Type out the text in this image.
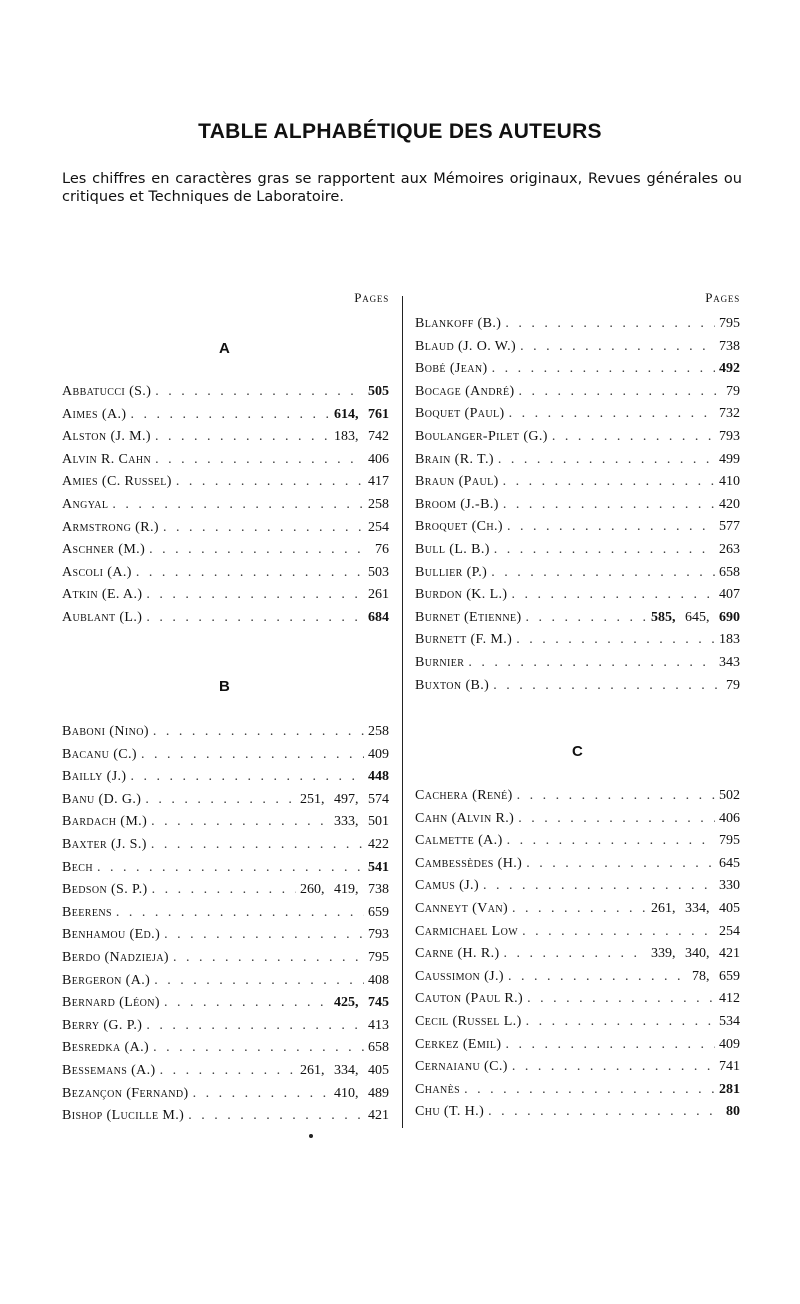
TABLE ALPHABÉTIQUE DES AUTEURS
Les chiffres en caractères gras se rapportent aux Mémoires originaux, Revues générales ou critiques et Techniques de Laboratoire.
Pages
A
Abbatucci (S.) . . .	505
Aimes (A.) . . .	614, 761
Alston (J. M.) . . .	183, 742
Alvin R. Cahn . . .	406
Amies (C. Russel) . . .	417
Angyal . . .	258
Armstrong (R.) . . .	254
Aschner (M.) . . .	76
Ascoli (A.) . . .	503
Atkin (E. A.) . . .	261
Aublant (L.) . . .	684
B
Baboni (Nino) . . .	258
Bacanu (C.) . . .	409
Bailly (J.) . . .	448
Banu (D. G.) . . .	251, 497, 574
Bardach (M.) . . .	333, 501
Baxter (J. S.) . . .	422
Bech . . .	541
Bedson (S. P.) . . .	260, 419, 738
Beerens . . .	659
Benhamou (Ed.) . . .	793
Berdo (Nadzieja) . . .	795
Bergeron (A.) . . .	408
Bernard (Léon) . . .	425, 745
Berry (G. P.) . . .	413
Besredka (A.) . . .	658
Bessemans (A.) . . .	261, 334, 405
Bezançon (Fernand) . . .	410, 489
Bishop (Lucille M.) . . .	421
Pages
Blankoff (B.) . . .	795
Blaud (J. O. W.) . . .	738
Bobé (Jean) . . .	492
Bocage (André) . . .	79
Boquet (Paul) . . .	732
Boulanger-Pilet (G.) . . .	793
Brain (R. T.) . . .	499
Braun (Paul) . . .	410
Broom (J.-B.) . . .	420
Broquet (Ch.) . . .	577
Bull (L. B.) . . .	263
Bullier (P.) . . .	658
Burdon (K. L.) . . .	407
Burnet (Etienne) . . .	585, 645, 690
Burnett (F. M.) . . .	183
Burnier . . .	343
Buxton (B.) . . .	79
C
Cachera (René) . . .	502
Cahn (Alvin R.) . . .	406
Calmette (A.) . . .	795
Cambessèdes (H.) . . .	645
Camus (J.) . . .	330
Canneyt (Van) . . .	261, 334, 405
Carmichael Low . . .	254
Carne (H. R.) . . .	339, 340, 421
Caussimon (J.) . . .	78, 659
Cauton (Paul R.) . . .	412
Cecil (Russel L.) . . .	534
Cerkez (Emil) . . .	409
Cernaianu (C.) . . .	741
Chanès . . .	281
Chu (T. H.) . . .	80
